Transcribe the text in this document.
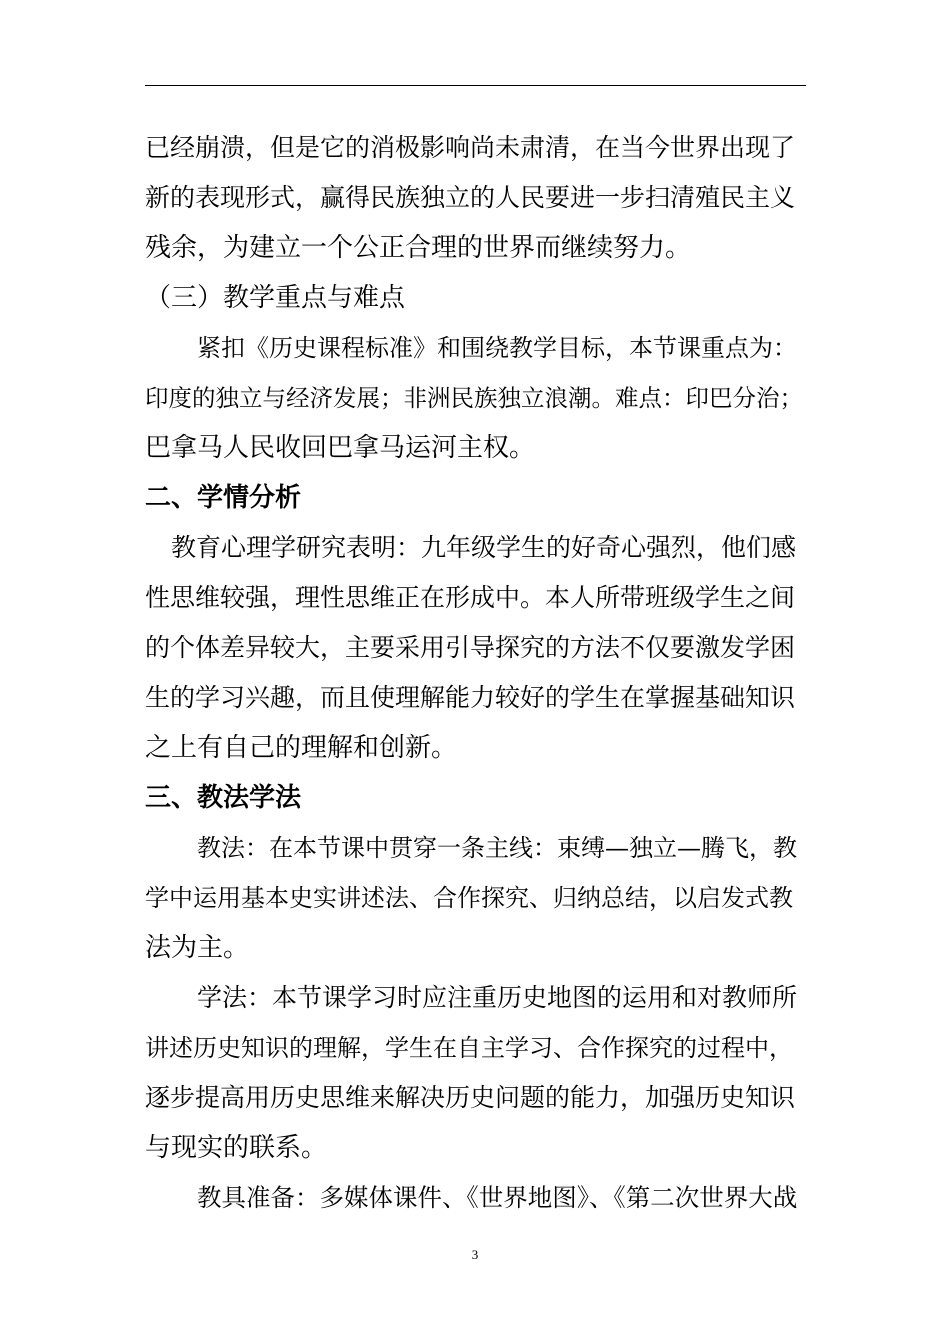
已经崩溃，但是它的消极影响尚未肃清，在当今世界出现了
新的表现形式，赢得民族独立的人民要进一步扫清殖民主义
残余，为建立一个公正合理的世界而继续努力。
（三）教学重点与难点
紧扣《历史课程标准》和围绕教学目标，本节课重点为：
印度的独立与经济发展；非洲民族独立浪潮。难点：印巴分治；
巴拿马人民收回巴拿马运河主权。
二、学情分析
教育心理学研究表明：九年级学生的好奇心强烈，他们感
性思维较强，理性思维正在形成中。本人所带班级学生之间
的个体差异较大，主要采用引导探究的方法不仅要激发学困
生的学习兴趣，而且使理解能力较好的学生在掌握基础知识
之上有自己的理解和创新。
三、教法学法
教法：在本节课中贯穿一条主线：束缚—独立—腾飞，教
学中运用基本史实讲述法、合作探究、归纳总结，以启发式教
法为主。
学法：本节课学习时应注重历史地图的运用和对教师所
讲述历史知识的理解，学生在自主学习、合作探究的过程中，
逐步提高用历史思维来解决历史问题的能力，加强历史知识
与现实的联系。
教具准备：多媒体课件、《世界地图》、《第二次世界大战
3
